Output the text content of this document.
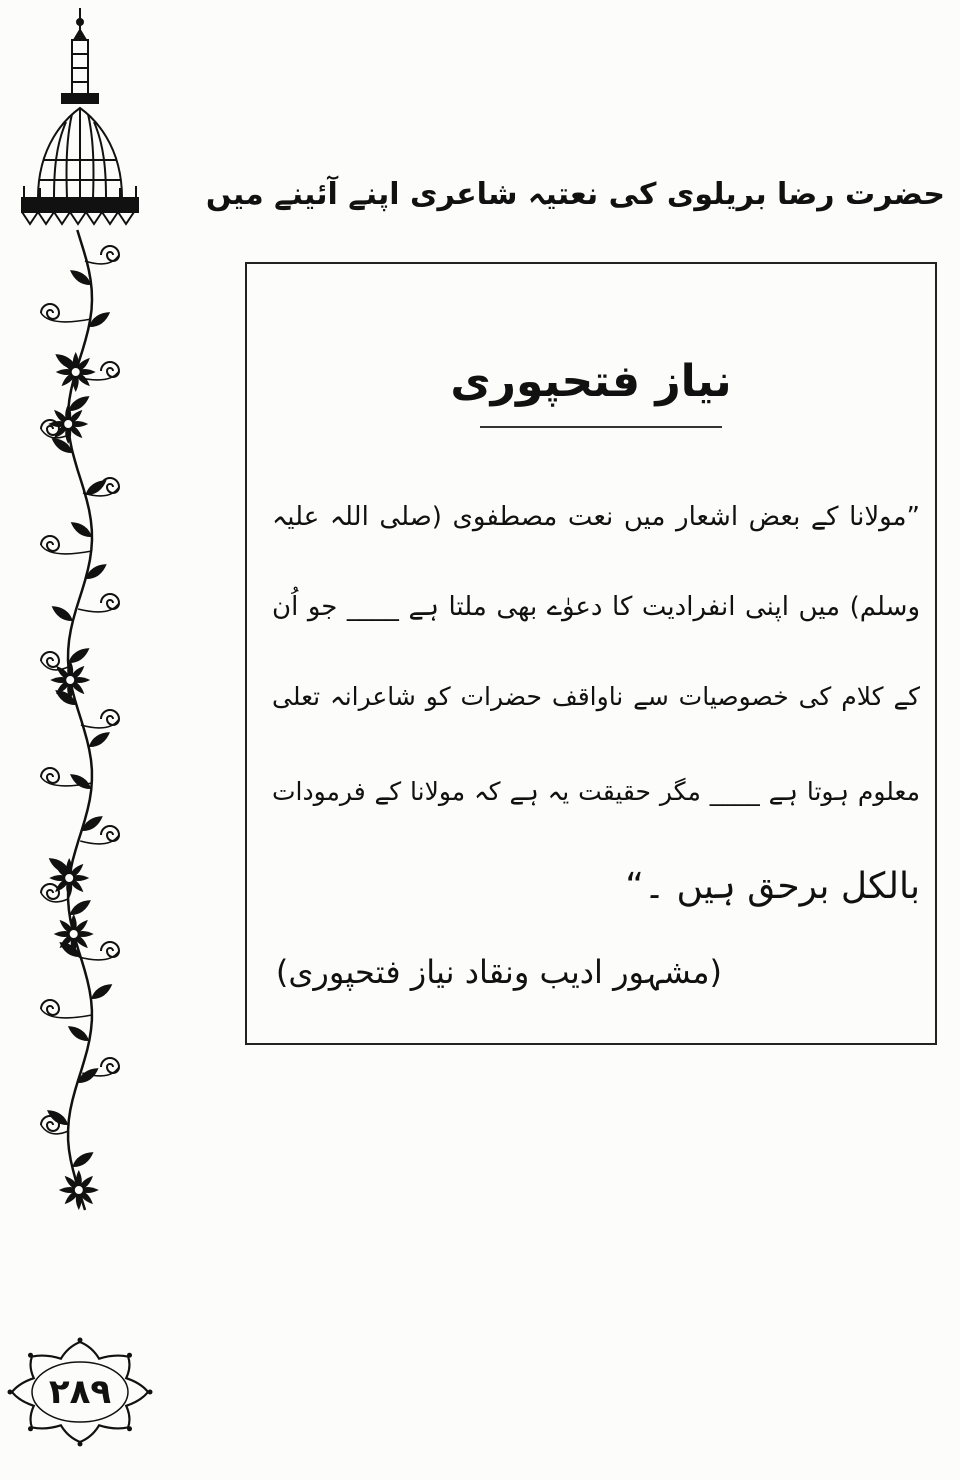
حضرت رضا بریلوی کی نعتیہ شاعری اپنے آئینے میں
نیاز فتحپوری
”مولانا کے بعض اشعار میں نعت مصطفوی (صلی اللہ علیہ
وسلم) میں اپنی انفرادیت کا دعوٰے بھی ملتا ہے ____ جو اُن
کے کلام کی خصوصیات سے ناواقف حضرات کو شاعرانہ تعلی
معلوم ہوتا ہے ____ مگر حقیقت یہ ہے کہ مولانا کے فرمودات
بالکل برحق ہیں ۔“
(مشہور ادیب ونقاد نیاز فتحپوری)
۲۸۹
